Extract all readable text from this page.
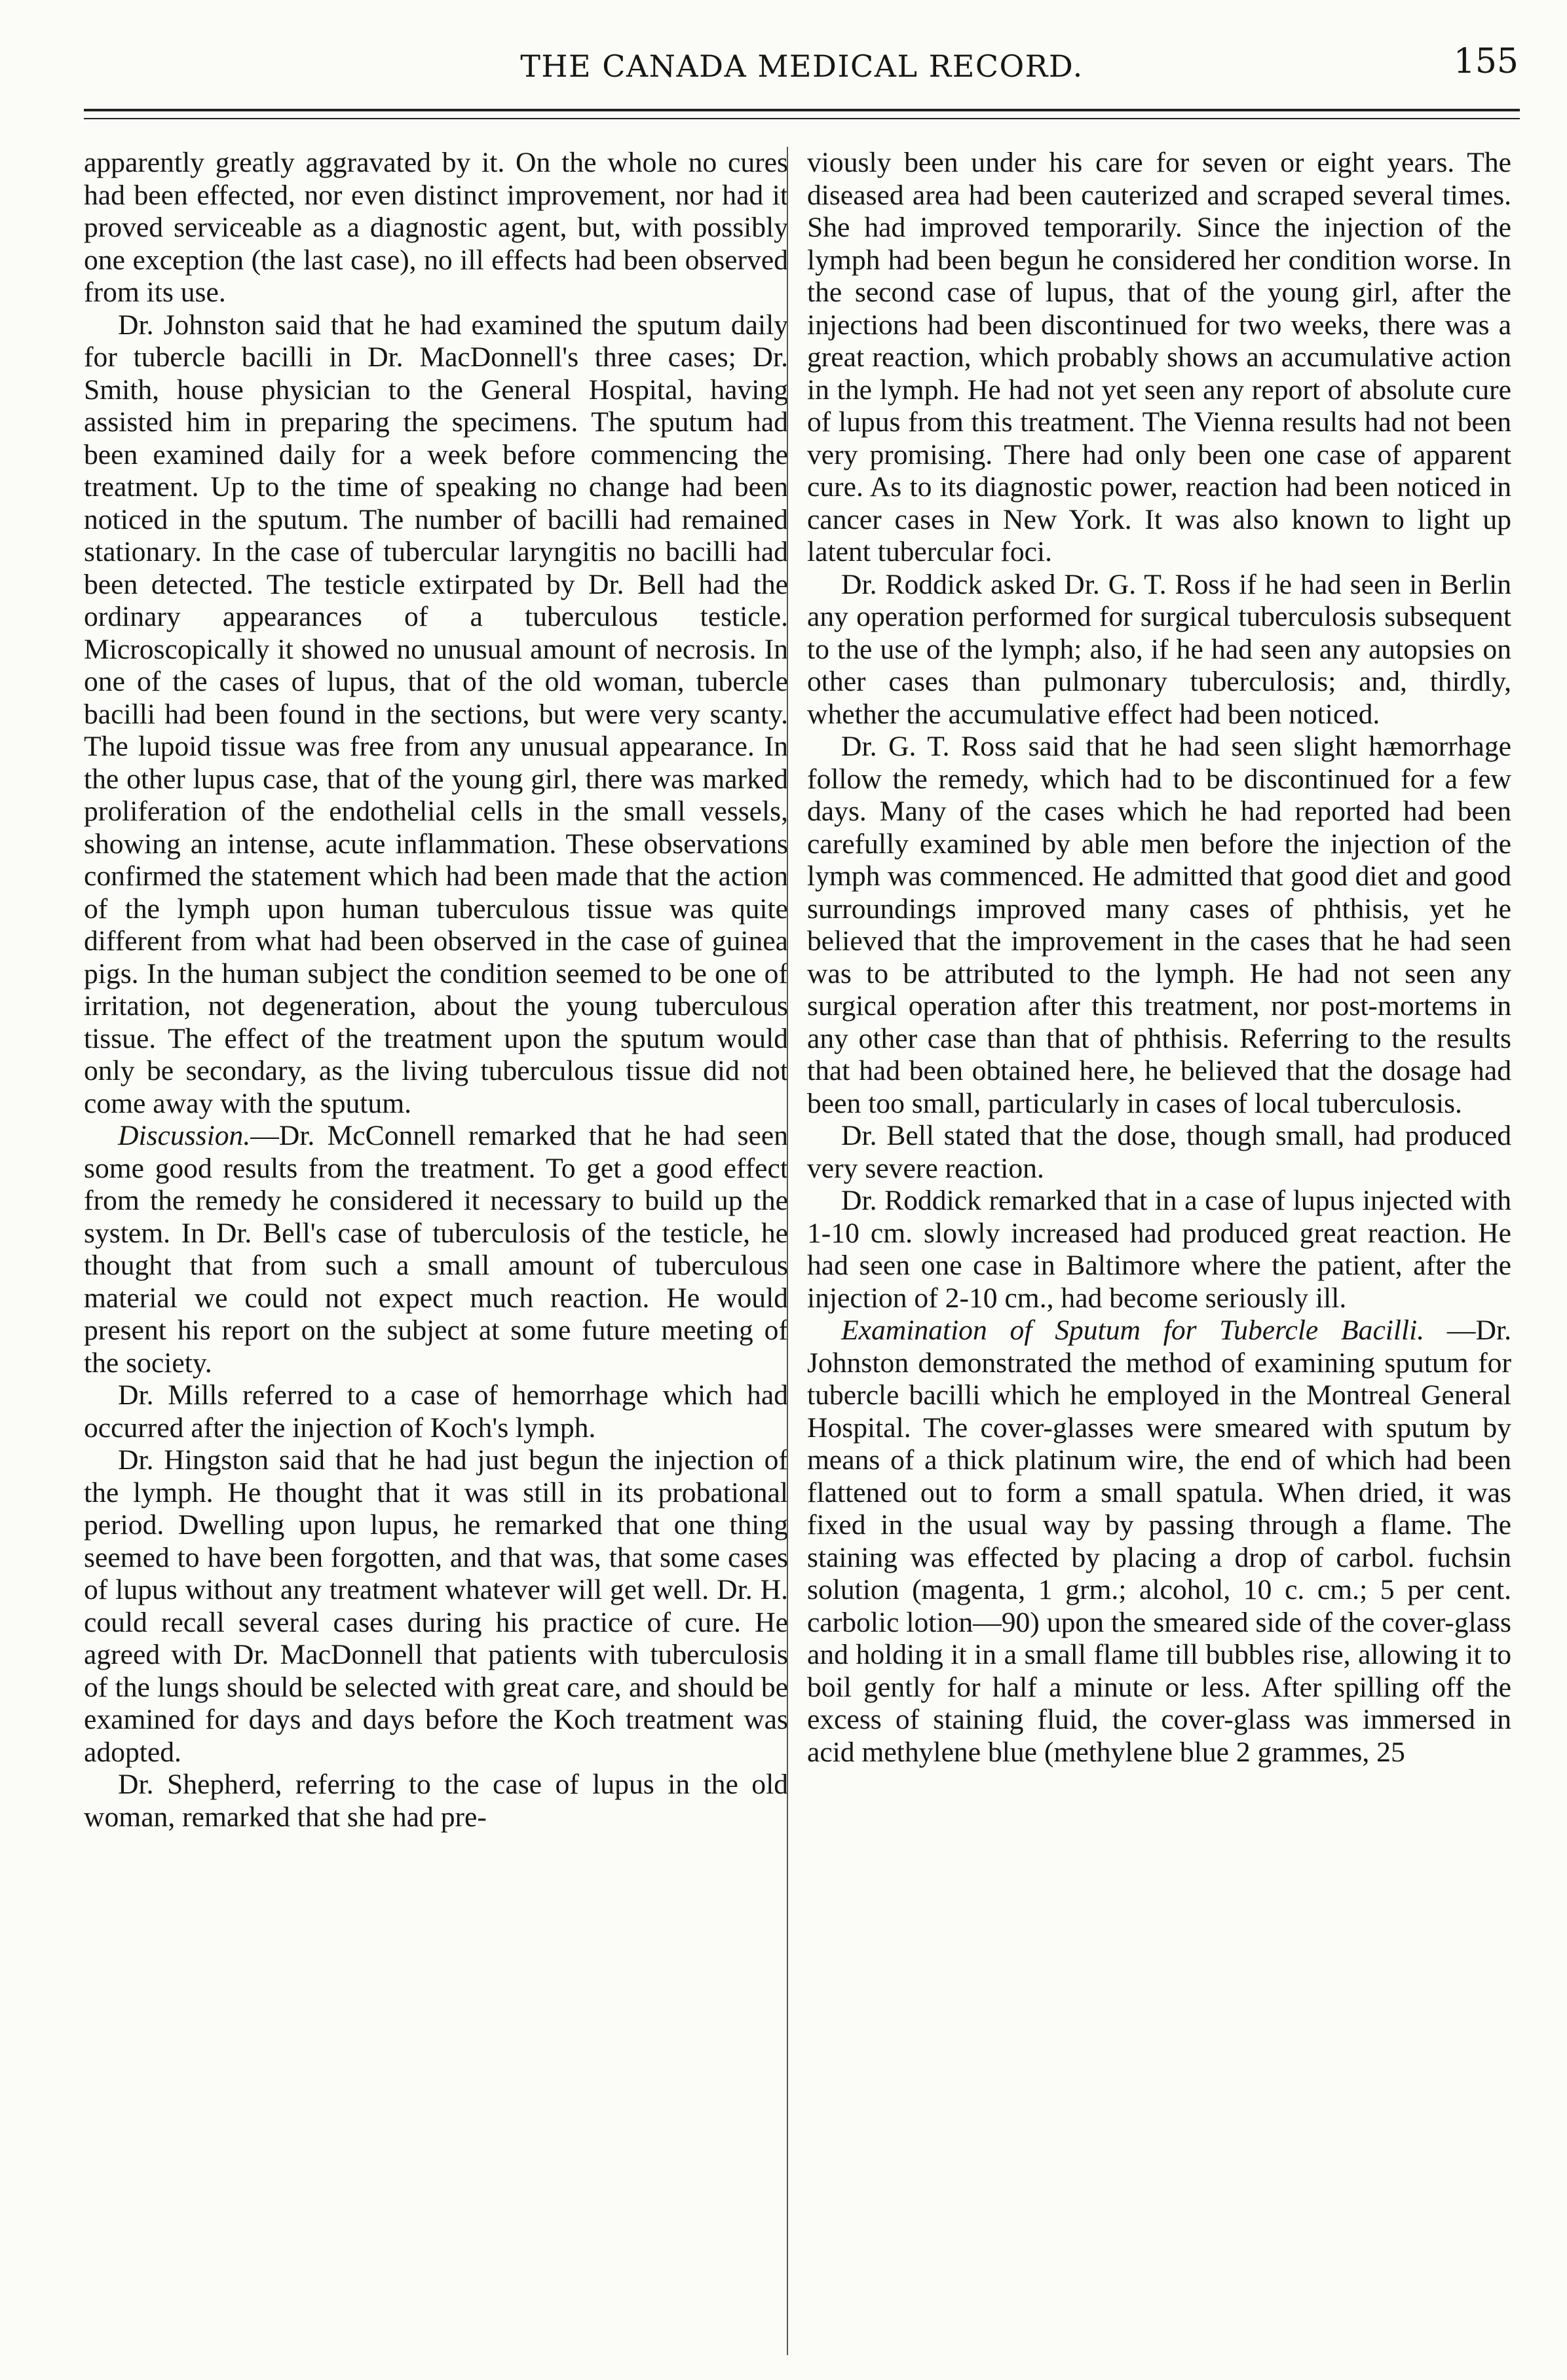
THE CANADA MEDICAL RECORD.	155

apparently greatly aggravated by it. On the whole no cures had been effected, nor even distinct improvement, nor had it proved serviceable as a diagnostic agent, but, with possibly one exception (the last case), no ill effects had been observed from its use.

Dr. Johnston said that he had examined the sputum daily for tubercle bacilli in Dr. MacDonnell's three cases; Dr. Smith, house physician to the General Hospital, having assisted him in preparing the specimens. The sputum had been examined daily for a week before commencing the treatment. Up to the time of speaking no change had been noticed in the sputum. The number of bacilli had remained stationary. In the case of tubercular laryngitis no bacilli had been detected. The testicle extirpated by Dr. Bell had the ordinary appearances of a tuberculous testicle. Microscopically it showed no unusual amount of necrosis. In one of the cases of lupus, that of the old woman, tubercle bacilli had been found in the sections, but were very scanty. The lupoid tissue was free from any unusual appearance. In the other lupus case, that of the young girl, there was marked proliferation of the endothelial cells in the small vessels, showing an intense, acute inflammation. These observations confirmed the statement which had been made that the action of the lymph upon human tuberculous tissue was quite different from what had been observed in the case of guinea pigs. In the human subject the condition seemed to be one of irritation, not degeneration, about the young tuberculous tissue. The effect of the treatment upon the sputum would only be secondary, as the living tuberculous tissue did not come away with the sputum.

Discussion.—Dr. McConnell remarked that he had seen some good results from the treatment. To get a good effect from the remedy he considered it necessary to build up the system. In Dr. Bell's case of tuberculosis of the testicle, he thought that from such a small amount of tuberculous material we could not expect much reaction. He would present his report on the subject at some future meeting of the society.

Dr. Mills referred to a case of hemorrhage which had occurred after the injection of Koch's lymph.

Dr. Hingston said that he had just begun the injection of the lymph. He thought that it was still in its probational period. Dwelling upon lupus, he remarked that one thing seemed to have been forgotten, and that was, that some cases of lupus without any treatment whatever will get well. Dr. H. could recall several cases during his practice of cure. He agreed with Dr. MacDonnell that patients with tuberculosis of the lungs should be selected with great care, and should be examined for days and days before the Koch treatment was adopted.

Dr. Shepherd, referring to the case of lupus in the old woman, remarked that she had pre-

viously been under his care for seven or eight years. The diseased area had been cauterized and scraped several times. She had improved temporarily. Since the injection of the lymph had been begun he considered her condition worse. In the second case of lupus, that of the young girl, after the injections had been discontinued for two weeks, there was a great reaction, which probably shows an accumulative action in the lymph. He had not yet seen any report of absolute cure of lupus from this treatment. The Vienna results had not been very promising. There had only been one case of apparent cure. As to its diagnostic power, reaction had been noticed in cancer cases in New York. It was also known to light up latent tubercular foci.

Dr. Roddick asked Dr. G. T. Ross if he had seen in Berlin any operation performed for surgical tuberculosis subsequent to the use of the lymph; also, if he had seen any autopsies on other cases than pulmonary tuberculosis; and, thirdly, whether the accumulative effect had been noticed.

Dr. G. T. Ross said that he had seen slight hæmorrhage follow the remedy, which had to be discontinued for a few days. Many of the cases which he had reported had been carefully examined by able men before the injection of the lymph was commenced. He admitted that good diet and good surroundings improved many cases of phthisis, yet he believed that the improvement in the cases that he had seen was to be attributed to the lymph. He had not seen any surgical operation after this treatment, nor post-mortems in any other case than that of phthisis. Referring to the results that had been obtained here, he believed that the dosage had been too small, particularly in cases of local tuberculosis.

Dr. Bell stated that the dose, though small, had produced very severe reaction.

Dr. Roddick remarked that in a case of lupus injected with 1-10 cm. slowly increased had produced great reaction. He had seen one case in Baltimore where the patient, after the injection of 2-10 cm., had become seriously ill.

Examination of Sputum for Tubercle Bacilli. —Dr. Johnston demonstrated the method of examining sputum for tubercle bacilli which he employed in the Montreal General Hospital. The cover-glasses were smeared with sputum by means of a thick platinum wire, the end of which had been flattened out to form a small spatula. When dried, it was fixed in the usual way by passing through a flame. The staining was effected by placing a drop of carbol. fuchsin solution (magenta, 1 grm.; alcohol, 10 c. cm.; 5 per cent. carbolic lotion—90) upon the smeared side of the cover-glass and holding it in a small flame till bubbles rise, allowing it to boil gently for half a minute or less. After spilling off the excess of staining fluid, the cover-glass was immersed in acid methylene blue (methylene blue 2 grammes, 25
